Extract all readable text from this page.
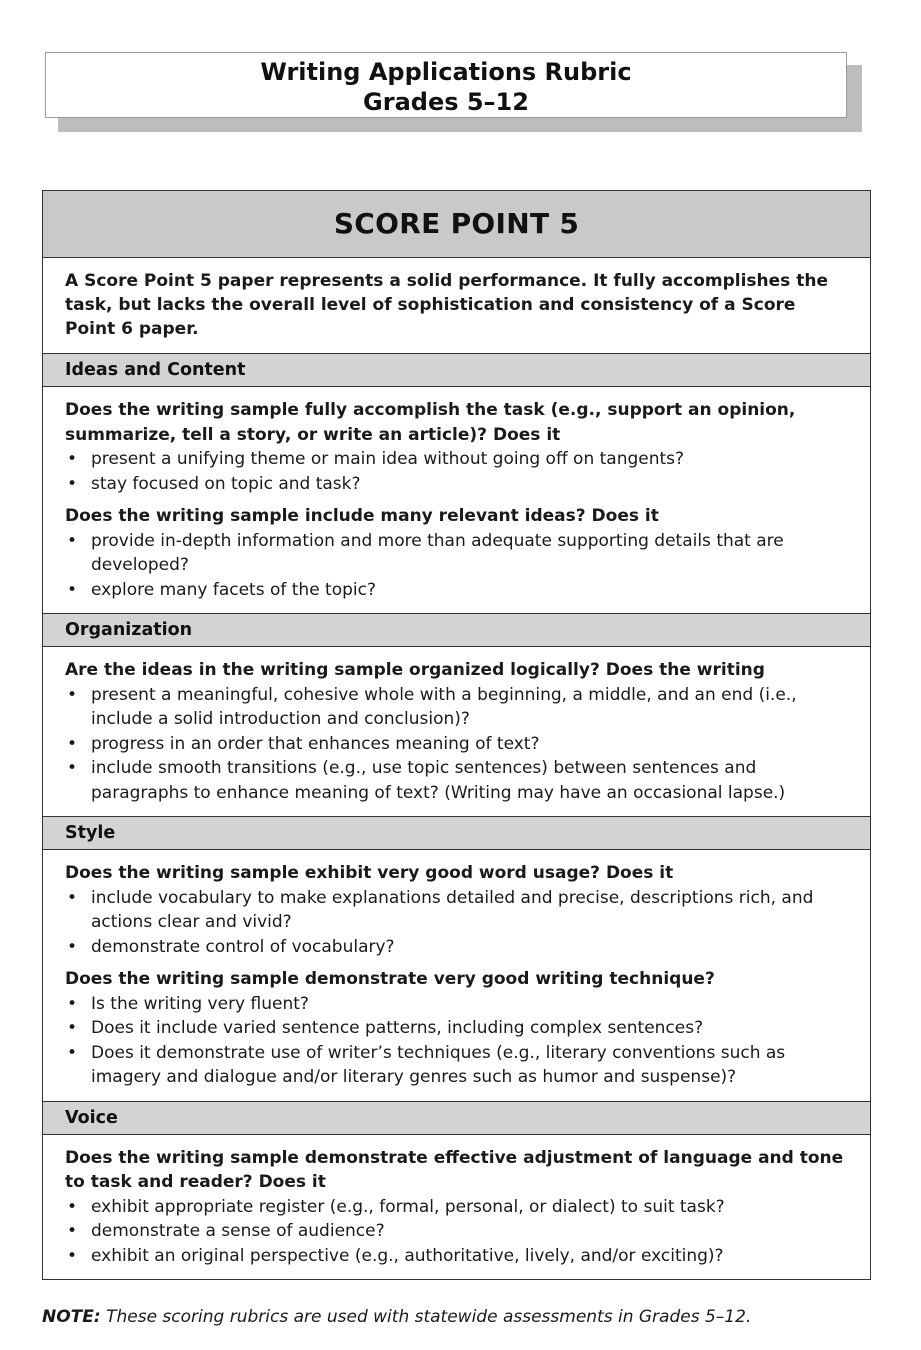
Writing Applications Rubric
Grades 5–12
SCORE POINT 5
A Score Point 5 paper represents a solid performance. It fully accomplishes the task, but lacks the overall level of sophistication and consistency of a Score Point 6 paper.
Ideas and Content
Does the writing sample fully accomplish the task (e.g., support an opinion, summarize, tell a story, or write an article)? Does it
• present a unifying theme or main idea without going off on tangents?
• stay focused on topic and task?
Does the writing sample include many relevant ideas? Does it
• provide in-depth information and more than adequate supporting details that are developed?
• explore many facets of the topic?
Organization
Are the ideas in the writing sample organized logically? Does the writing
• present a meaningful, cohesive whole with a beginning, a middle, and an end (i.e., include a solid introduction and conclusion)?
• progress in an order that enhances meaning of text?
• include smooth transitions (e.g., use topic sentences) between sentences and paragraphs to enhance meaning of text? (Writing may have an occasional lapse.)
Style
Does the writing sample exhibit very good word usage? Does it
• include vocabulary to make explanations detailed and precise, descriptions rich, and actions clear and vivid?
• demonstrate control of vocabulary?
Does the writing sample demonstrate very good writing technique?
• Is the writing very fluent?
• Does it include varied sentence patterns, including complex sentences?
• Does it demonstrate use of writer’s techniques (e.g., literary conventions such as imagery and dialogue and/or literary genres such as humor and suspense)?
Voice
Does the writing sample demonstrate effective adjustment of language and tone to task and reader? Does it
• exhibit appropriate register (e.g., formal, personal, or dialect) to suit task?
• demonstrate a sense of audience?
• exhibit an original perspective (e.g., authoritative, lively, and/or exciting)?
NOTE: These scoring rubrics are used with statewide assessments in Grades 5–12.
